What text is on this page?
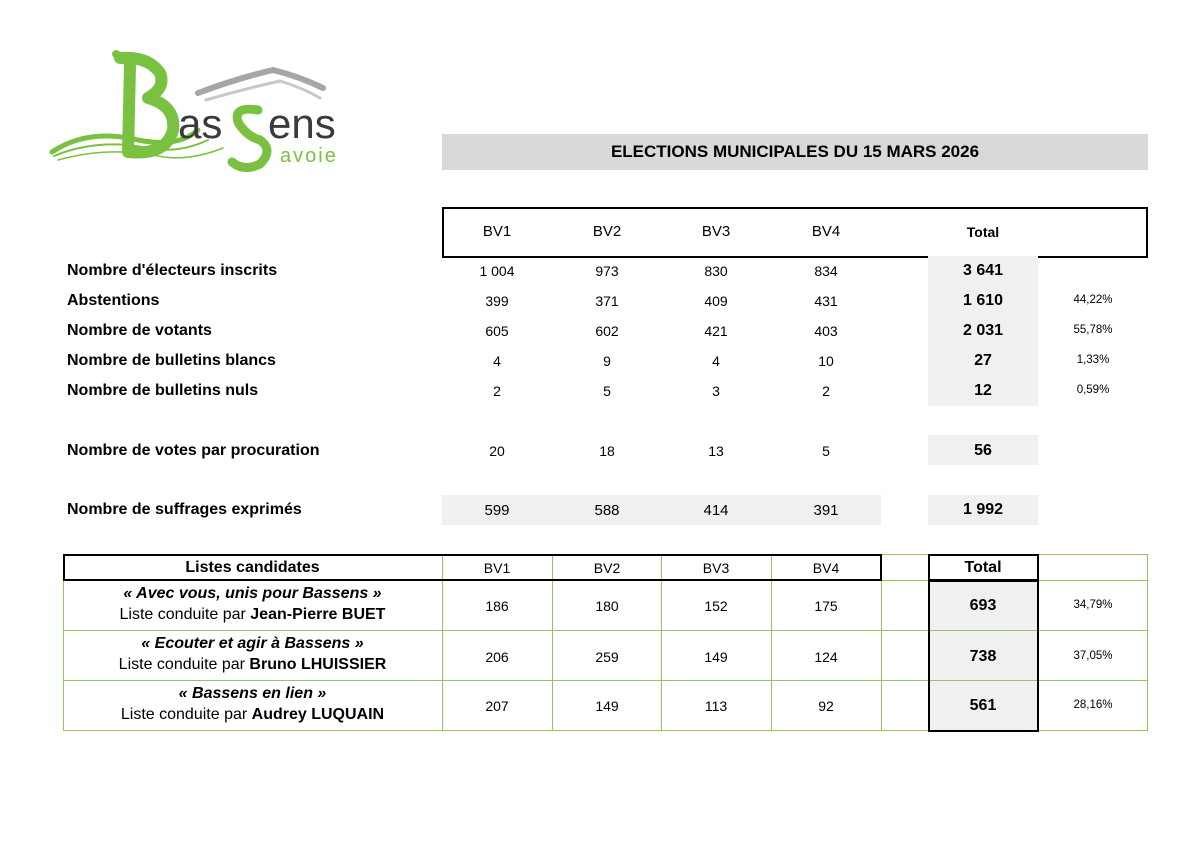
as ens
avoie	ELECTIONS MUNICIPALES DU 15 MARS 2026
BV1	BV2	BV3	BV4	Total
Nombre d'électeurs inscrits	1 004	973	830	834	3 641
Abstentions	399	371	409	431	1 610	44,22%
Nombre de votants	605	602	421	403	2 031	55,78%
Nombre de bulletins blancs	4	9	4	10	27	1,33%
Nombre de bulletins nuls	2	5	3	2	12	0,59%
Nombre de votes par procuration	20	18	13	5	56
Nombre de suffrages exprimés	599	588	414	391	1 992
Listes candidates	BV1	BV2	BV3	BV4	Total
« Avec vous, unis pour Bassens »
Liste conduite par Jean-Pierre BUET	186	180	152	175	693	34,79%
« Ecouter et agir à Bassens »
Liste conduite par Bruno LHUISSIER	206	259	149	124	738	37,05%
« Bassens en lien »
Liste conduite par Audrey LUQUAIN	207	149	113	92	561	28,16%
